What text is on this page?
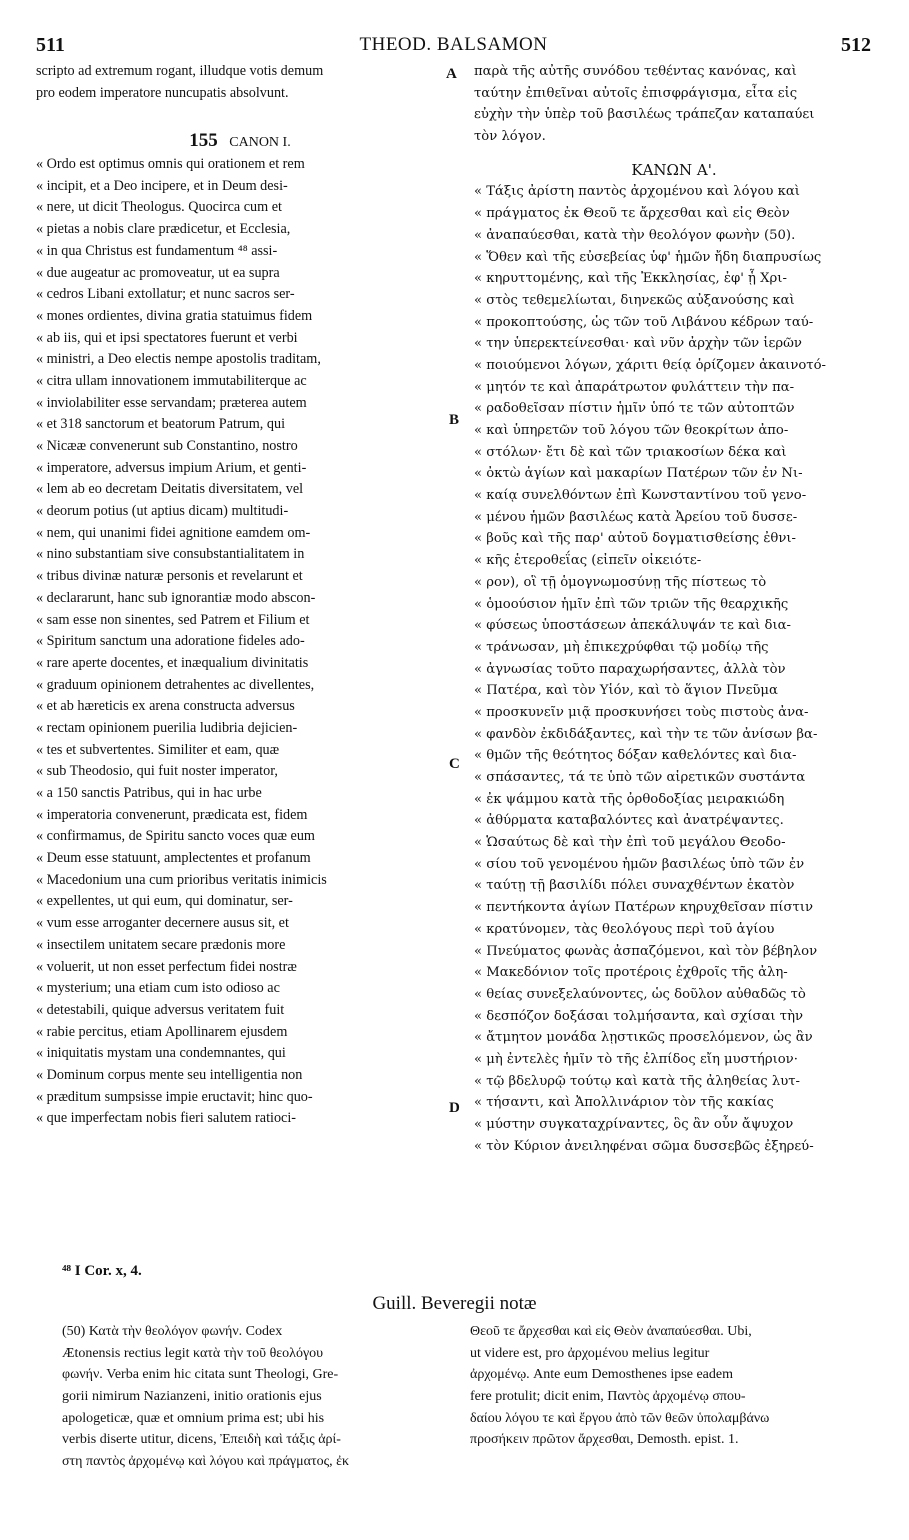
511	THEOD. BALSAMON	512
scripto ad extremum rogant, illudque votis demum
pro eodem imperatore nuncupatis absolvunt.
155 CANON I.
« Ordo est optimus omnis qui orationem et rem
« incipit, et a Deo incipere, et in Deum desi-
« nere, ut dicit Theologus. Quocirca cum et
« pietas a nobis clare prædicetur, et Ecclesia,
« in qua Christus est fundamentum ⁴⁸ assi-
« due augeatur ac promoveatur, ut ea supra
« cedros Libani extollatur; et nunc sacros ser-
« mones ordientes, divina gratia statuimus fidem
« ab iis, qui et ipsi spectatores fuerunt et verbi
« ministri, a Deo electis nempe apostolis traditam,
« citra ullam innovationem immutabiliterque ac
« inviolabiliter esse servandam; præterea autem
« et 318 sanctorum et beatorum Patrum, qui
« Nicææ convenerunt sub Constantino, nostro
« imperatore, adversus impium Arium, et genti-
« lem ab eo decretam Deitatis diversitatem, vel
« deorum potius (ut aptius dicam) multitudi-
« nem, qui unanimi fidei agnitione eamdem om-
« nino substantiam sive consubstantialitatem in
« tribus divinæ naturæ personis et revelarunt et
« declararunt, hanc sub ignorantiæ modo abscon-
« sam esse non sinentes, sed Patrem et Filium et
« Spiritum sanctum una adoratione fideles ado-
« rare aperte docentes, et inæqualium divinitatis
« graduum opinionem detrahentes ac divellentes,
« et ab hæreticis ex arena constructa adversus
« rectam opinionem puerilia ludibria dejicien-
« tes et subvertentes. Similiter et eam, quæ
« sub Theodosio, qui fuit noster imperator,
« a 150 sanctis Patribus, qui in hac urbe
« imperatoria convenerunt, prædicata est, fidem
« confirmamus, de Spiritu sancto voces quæ eum
« Deum esse statuunt, amplectentes et profanum
« Macedonium una cum prioribus veritatis inimicis
« expellentes, ut qui eum, qui dominatur, ser-
« vum esse arroganter decernere ausus sit, et
« insectilem unitatem secare prædonis more
« voluerit, ut non esset perfectum fidei nostræ
« mysterium; una etiam cum isto odioso ac
« detestabili, quique adversus veritatem fuit
« rabie percitus, etiam Apollinarem ejusdem
« iniquitatis mystam una condemnantes, qui
« Dominum corpus mente seu intelligentia non
« præditum sumpsisse impie eructavit; hinc quo-
« que imperfectam nobis fieri salutem ratioci-
παρὰ τῆς αὐτῆς συνόδου τεθέντας κανόνας, καὶ
ταύτην ἐπιθεῖναι αὐτοῖς ἐπισφράγισμα, εἶτα εἰς
εὐχὴν τὴν ὑπὲρ τοῦ βασιλέως τράπεζαν καταπαύει
τὸν λόγον.
ΚΑΝΩΝ Α'.
« Τάξις ἀρίστη παντὸς ἀρχομένου καὶ λόγου καὶ
« πράγματος ἐκ Θεοῦ τε ἄρχεσθαι καὶ εἰς Θεὸν
« ἀναπαύεσθαι, κατὰ τὴν θεολόγον φωνὴν (50).
« Ὅθεν καὶ τῆς εὐσεβείας ὑφ' ἡμῶν ἤδη διαπρυσίως
« κηρυττομένης, καὶ τῆς Ἐκκλησίας, ἐφ' ᾗ Χρι-
« στὸς τεθεμελίωται, διηνεκῶς αὐξανούσης καὶ
« προκοπτούσης, ὡς τῶν τοῦ Λιβάνου κέδρων ταύ-
« την ὑπερεκτείνεσθαι· καὶ νῦν ἀρχὴν τῶν ἱερῶν
« ποιούμενοι λόγων, χάριτι θείᾳ ὁρίζομεν ἀκαινοτό-
« μητόν τε καὶ ἀπαράτρωτον φυλάττειν τὴν πα-
« ραδοθεῖσαν πίστιν ἡμῖν ὑπό τε τῶν αὐτοπτῶν
« καὶ ὑπηρετῶν τοῦ λόγου τῶν θεοκρίτων ἀπο-
« στόλων· ἔτι δὲ καὶ τῶν τριακοσίων δέκα καὶ
« ὀκτὼ ἁγίων καὶ μακαρίων Πατέρων τῶν ἐν Νι-
« καίᾳ συνελθόντων ἐπὶ Κωνσταντίνου τοῦ γενο-
« μένου ἡμῶν βασιλέως κατὰ Ἀρείου τοῦ δυσσε-
« βοῦς καὶ τῆς παρ' αὐτοῦ δογματισθείσης ἐθνι-
« κῆς ἑτεροθεΐας (εἰπεῖν οἰκειότε-
« ρον), οἳ τῇ ὁμογνωμοσύνῃ τῆς πίστεως τὸ
« ὁμοούσιον ἡμῖν ἐπὶ τῶν τριῶν τῆς θεαρχικῆς
« φύσεως ὑποστάσεων ἀπεκάλυψάν τε καὶ δια-
« τράνωσαν, μὴ ἐπικεχρύφθαι τῷ μοδίῳ τῆς
« ἀγνωσίας τοῦτο παραχωρήσαντες, ἀλλὰ τὸν
« Πατέρα, καὶ τὸν Υἱόν, καὶ τὸ ἅγιον Πνεῦμα
« προσκυνεῖν μιᾷ προσκυνήσει τοὺς πιστοὺς ἀνα-
« φανδὸν ἐκδιδάξαντες, καὶ τὴν τε τῶν ἀνίσων βα-
« θμῶν τῆς θεότητος δόξαν καθελόντες καὶ δια-
« σπάσαντες, τά τε ὑπὸ τῶν αἱρετικῶν συστάντα
« ἐκ ψάμμου κατὰ τῆς ὀρθοδοξίας μειρακιώδη
« ἀθύρματα καταβαλόντες καὶ ἀνατρέψαντες.
« Ὡσαύτως δὲ καὶ τὴν ἐπὶ τοῦ μεγάλου Θεοδο-
« σίου τοῦ γενομένου ἡμῶν βασιλέως ὑπὸ τῶν ἐν
« ταύτῃ τῇ βασιλίδι πόλει συναχθέντων ἑκατὸν
« πεντήκοντα ἁγίων Πατέρων κηρυχθεῖσαν πίστιν
« κρατύνομεν, τὰς θεολόγους περὶ τοῦ ἁγίου
« Πνεύματος φωνὰς ἀσπαζόμενοι, καὶ τὸν βέβηλον
« Μακεδόνιον τοῖς προτέροις ἐχθροῖς τῆς ἀλη-
« θείας συνεξελαύνοντες, ὡς δοῦλον αὐθαδῶς τὸ
« δεσπόζον δοξάσαι τολμήσαντα, καὶ σχίσαι τὴν
« ἄτμητον μονάδα λῃστικῶς προσελόμενον, ὡς ἂν
« μὴ ἐντελὲς ἡμῖν τὸ τῆς ἐλπίδος εἴη μυστήριον·
« τῷ βδελυρῷ τούτῳ καὶ κατὰ τῆς ἀληθείας λυτ-
« τήσαντι, καὶ Ἀπολλινάριον τὸν τῆς κακίας
« μύστην συγκαταχρίναντες, ὃς ἂν οὖν ἄψυχον
« τὸν Κύριον ἀνειληφέναι σῶμα δυσσεβῶς ἐξηρεύ-
A
B
C
D
⁴⁸ I Cor. x, 4.
Guill. Beveregii notæ
(50) Κατὰ τὴν θεολόγον φωνήν. Codex
Ætonensis rectius legit κατὰ τὴν τοῦ θεολόγου
φωνήν. Verba enim hic citata sunt Theologi, Gre-
gorii nimirum Nazianzeni, initio orationis ejus
apologeticæ, quæ et omnium prima est; ubi his
verbis diserte utitur, dicens, Ἐπειδὴ καὶ τάξις ἀρί-
στη παντὸς ἀρχομένῳ καὶ λόγου καὶ πράγματος, ἐκ
Θεοῦ τε ἄρχεσθαι καὶ εἰς Θεὸν ἀναπαύεσθαι. Ubi,
ut videre est, pro ἀρχομένου melius legitur
ἀρχομένῳ. Ante eum Demosthenes ipse eadem
fere protulit; dicit enim, Παντὸς ἀρχομένῳ σπου-
δαίου λόγου τε καὶ ἔργου ἀπὸ τῶν θεῶν ὑπολαμβάνω
προσήκειν πρῶτον ἄρχεσθαι, Demosth. epist. 1.
